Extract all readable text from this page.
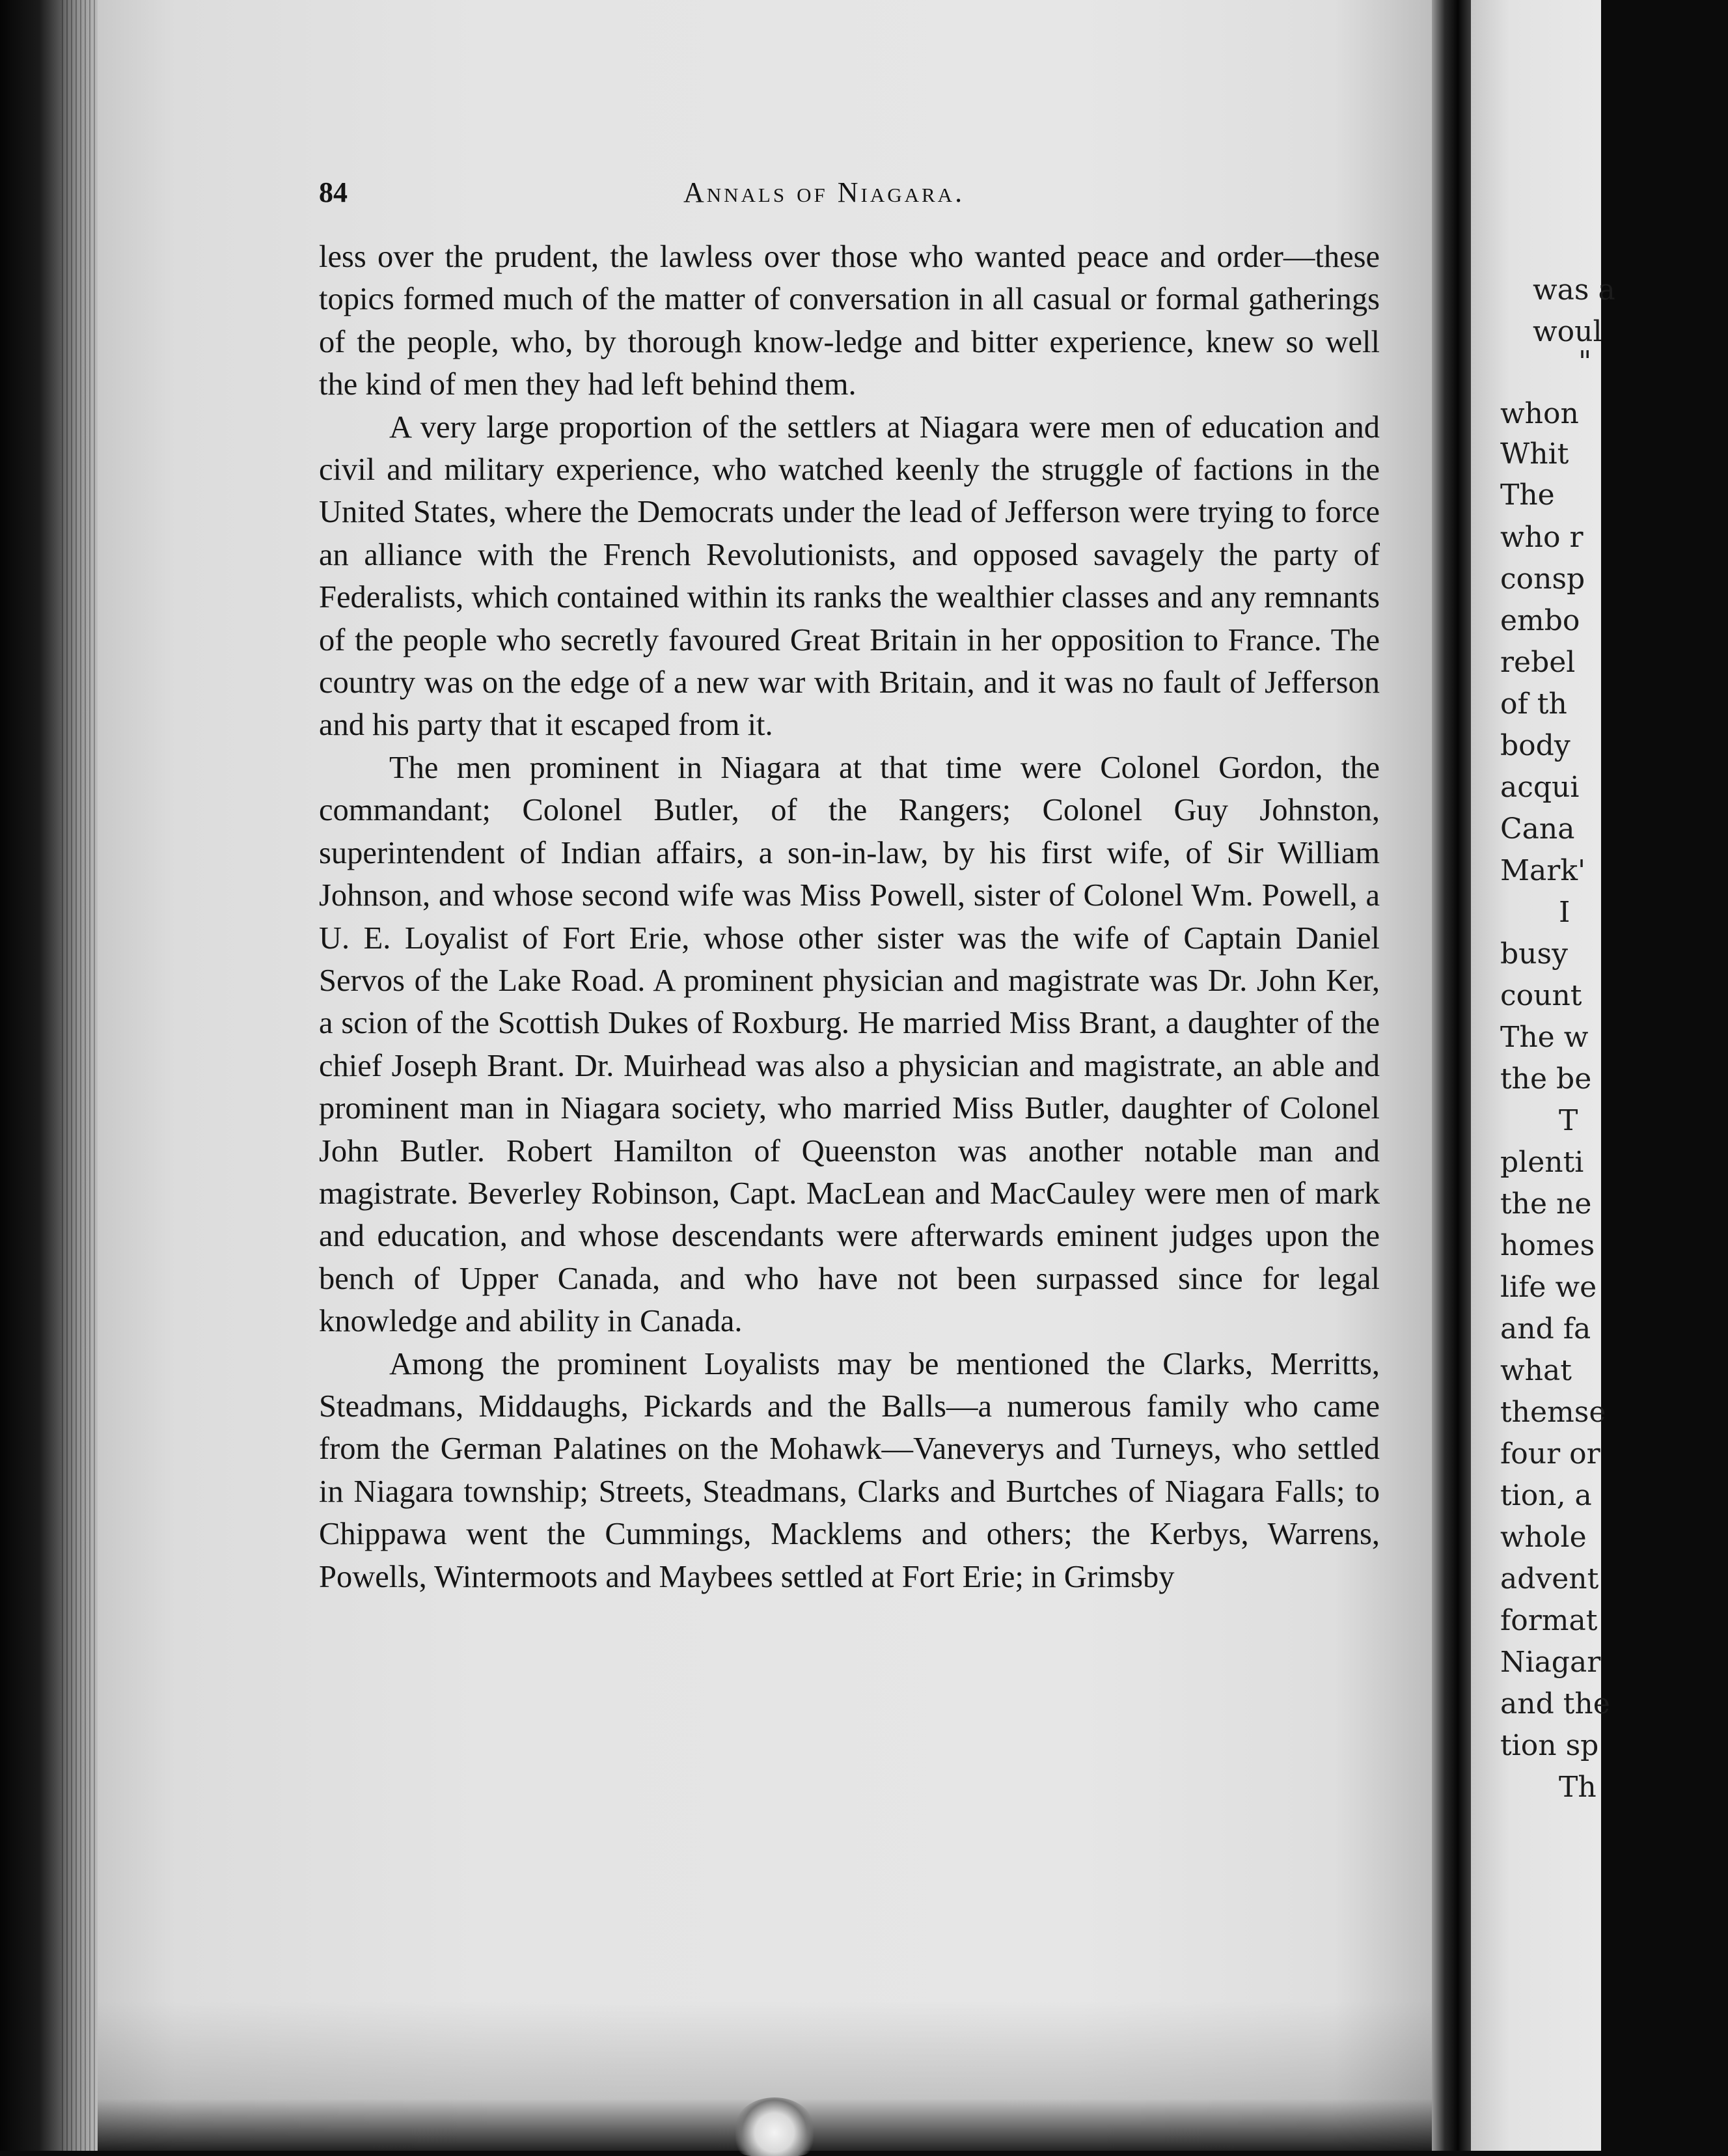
84	Annals of Niagara.

less over the prudent, the lawless over those who wanted peace and order—these topics formed much of the matter of conversation in all casual or formal gatherings of the people, who, by thorough know-ledge and bitter experience, knew so well the kind of men they had left behind them.

A very large proportion of the settlers at Niagara were men of education and civil and military experience, who watched keenly the struggle of factions in the United States, where the Democrats under the lead of Jefferson were trying to force an alliance with the French Revolutionists, and opposed savagely the party of Federalists, which contained within its ranks the wealthier classes and any remnants of the people who secretly favoured Great Britain in her opposition to France. The country was on the edge of a new war with Britain, and it was no fault of Jefferson and his party that it escaped from it.

The men prominent in Niagara at that time were Colonel Gordon, the commandant; Colonel Butler, of the Rangers; Colonel Guy Johnston, superintendent of Indian affairs, a son-in-law, by his first wife, of Sir William Johnson, and whose second wife was Miss Powell, sister of Colonel Wm. Powell, a U. E. Loyalist of Fort Erie, whose other sister was the wife of Captain Daniel Servos of the Lake Road. A prominent physician and magistrate was Dr. John Ker, a scion of the Scottish Dukes of Roxburg. He married Miss Brant, a daughter of the chief Joseph Brant. Dr. Muirhead was also a physician and magistrate, an able and prominent man in Niagara society, who married Miss Butler, daughter of Colonel John Butler. Robert Hamilton of Queenston was another notable man and magistrate. Beverley Robinson, Capt. MacLean and MacCauley were men of mark and education, and whose descendants were afterwards eminent judges upon the bench of Upper Canada, and who have not been surpassed since for legal knowledge and ability in Canada.

Among the prominent Loyalists may be mentioned the Clarks, Merritts, Steadmans, Middaughs, Pickards and the Balls—a numerous family who came from the German Palatines on the Mohawk—Vaneverys and Turneys, who settled in Niagara township; Streets, Steadmans, Clarks and Burtches of Niagara Falls; to Chippawa went the Cummings, Macklems and others; the Kerbys, Warrens, Powells, Wintermoots and Maybees settled at Fort Erie; in Grimsby

was a
woul
"
whon
Whit
The
who r
consp
embo
rebel
of th
body
acqui
Cana
Mark'
I
busy
count
The w
the be
T
plenti
the ne
homes
life we
and fa
what
themse
four or
tion, a
whole
advent
format
Niagar
and the
tion sp
Th
